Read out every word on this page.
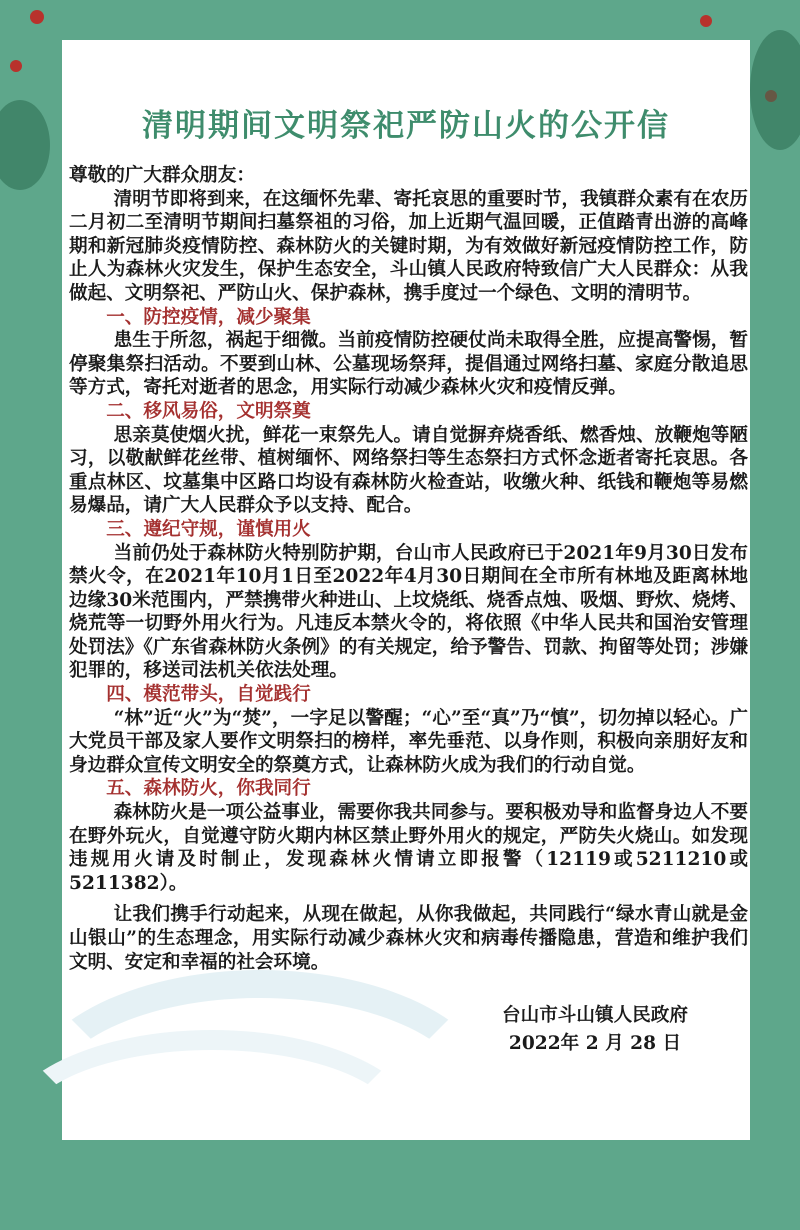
清明期间文明祭祀严防山火的公开信

尊敬的广大群众朋友：

清明节即将到来，在这缅怀先辈、寄托哀思的重要时节，我镇群众素有在农历二月初二至清明节期间扫墓祭祖的习俗，加上近期气温回暖，正值踏青出游的高峰期和新冠肺炎疫情防控、森林防火的关键时期，为有效做好新冠疫情防控工作，防止人为森林火灾发生，保护生态安全，斗山镇人民政府特致信广大人民群众：从我做起、文明祭祀、严防山火、保护森林，携手度过一个绿色、文明的清明节。

一、防控疫情，减少聚集

患生于所忽，祸起于细微。当前疫情防控硬仗尚未取得全胜，应提高警惕，暂停聚集祭扫活动。不要到山林、公墓现场祭拜，提倡通过网络扫墓、家庭分散追思等方式，寄托对逝者的思念，用实际行动减少森林火灾和疫情反弹。

二、移风易俗，文明祭奠

思亲莫使烟火扰，鲜花一束祭先人。请自觉摒弃烧香纸、燃香烛、放鞭炮等陋习，以敬献鲜花丝带、植树缅怀、网络祭扫等生态祭扫方式怀念逝者寄托哀思。各重点林区、坟墓集中区路口均设有森林防火检查站，收缴火种、纸钱和鞭炮等易燃易爆品，请广大人民群众予以支持、配合。

三、遵纪守规，谨慎用火

当前仍处于森林防火特别防护期，台山市人民政府已于2021年9月30日发布禁火令，在2021年10月1日至2022年4月30日期间在全市所有林地及距离林地边缘30米范围内，严禁携带火种进山、上坟烧纸、烧香点烛、吸烟、野炊、烧烤、烧荒等一切野外用火行为。凡违反本禁火令的，将依照《中华人民共和国治安管理处罚法》《广东省森林防火条例》的有关规定，给予警告、罚款、拘留等处罚；涉嫌犯罪的，移送司法机关依法处理。

四、模范带头，自觉践行

“林”近“火”为“焚”，一字足以警醒；“心”至“真”乃“慎”，切勿掉以轻心。广大党员干部及家人要作文明祭扫的榜样，率先垂范、以身作则，积极向亲朋好友和身边群众宣传文明安全的祭奠方式，让森林防火成为我们的行动自觉。

五、森林防火，你我同行

森林防火是一项公益事业，需要你我共同参与。要积极劝导和监督身边人不要在野外玩火，自觉遵守防火期内林区禁止野外用火的规定，严防失火烧山。如发现违规用火请及时制止，发现森林火情请立即报警（12119或5211210或5211382）。

让我们携手行动起来，从现在做起，从你我做起，共同践行“绿水青山就是金山银山”的生态理念，用实际行动减少森林火灾和病毒传播隐患，营造和维护我们文明、安定和幸福的社会环境。

台山市斗山镇人民政府
2022年 2 月 28 日
